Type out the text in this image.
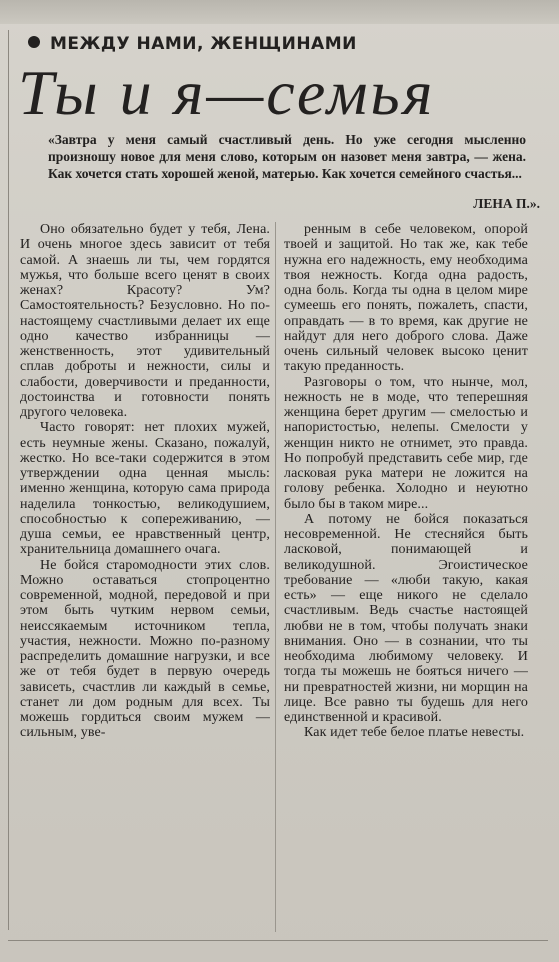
МЕЖДУ НАМИ, ЖЕНЩИНАМИ
Ты и я—семья
«Завтра у меня самый счастливый день. Но уже сегодня мысленно произношу новое для меня слово, которым он назовет меня завтра, — жена. Как хочется стать хорошей женой, матерью. Как хочется семейного счастья...
ЛЕНА П.».

Оно обязательно будет у тебя, Лена. И очень многое здесь зависит от тебя самой. А знаешь ли ты, чем гордятся мужья, что больше всего ценят в своих женах? Красоту? Ум? Самостоятельность? Безусловно. Но по-настоящему счастливыми делает их еще одно качество избранницы — женственность, этот удивительный сплав доброты и нежности, силы и слабости, доверчивости и преданности, достоинства и готовности понять другого человека.

Часто говорят: нет плохих мужей, есть неумные жены. Сказано, пожалуй, жестко. Но все-таки содержится в этом утверждении одна ценная мысль: именно женщина, которую сама природа наделила тонкостью, великодушием, способностью к сопереживанию, — душа семьи, ее нравственный центр, хранительница домашнего очага.

Не бойся старомодности этих слов. Можно оставаться стопроцентно современной, модной, передовой и при этом быть чутким нервом семьи, неиссякаемым источником тепла, участия, нежности. Можно по-разному распределить домашние нагрузки, и все же от тебя будет в первую очередь зависеть, счастлив ли каждый в семье, станет ли дом родным для всех. Ты можешь гордиться своим мужем — сильным, уве-

ренным в себе человеком, опорой твоей и защитой. Но так же, как тебе нужна его надежность, ему необходима твоя нежность. Когда одна радость, одна боль. Когда ты одна в целом мире сумеешь его понять, пожалеть, спасти, оправдать — в то время, как другие не найдут для него доброго слова. Даже очень сильный человек высоко ценит такую преданность.

Разговоры о том, что нынче, мол, нежность не в моде, что теперешняя женщина берет другим — смелостью и напористостью, нелепы. Смелости у женщин никто не отнимет, это правда. Но попробуй представить себе мир, где ласковая рука матери не ложится на голову ребенка. Холодно и неуютно было бы в таком мире...

А потому не бойся показаться несовременной. Не стесняйся быть ласковой, понимающей и великодушной. Эгоистическое требование — «люби такую, какая есть» — еще никого не сделало счастливым. Ведь счастье настоящей любви не в том, чтобы получать знаки внимания. Оно — в сознании, что ты необходима любимому человеку. И тогда ты можешь не бояться ничего — ни превратностей жизни, ни морщин на лице. Все равно ты будешь для него единственной и красивой.

Как идет тебе белое платье невесты.
